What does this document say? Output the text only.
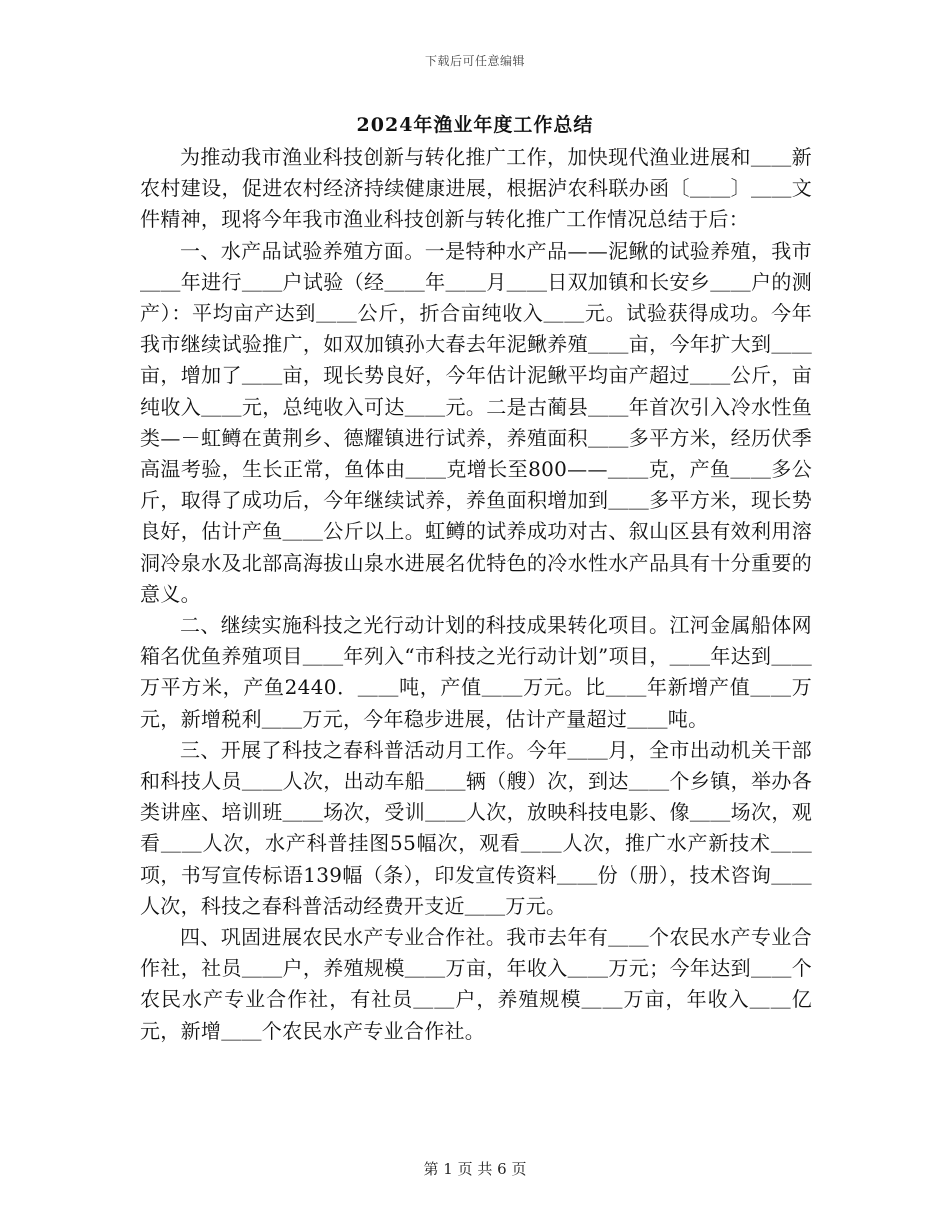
下载后可任意编辑
2024年渔业年度工作总结

为推动我市渔业科技创新与转化推广工作，加快现代渔业进展和＿＿新农村建设，促进农村经济持续健康进展，根据泸农科联办函〔＿＿〕＿＿文件精神，现将今年我市渔业科技创新与转化推广工作情况总结于后：

一、水产品试验养殖方面。一是特种水产品——泥鳅的试验养殖，我市＿＿年进行＿＿户试验（经＿＿年＿＿月＿＿日双加镇和长安乡＿＿户的测产）：平均亩产达到＿＿公斤，折合亩纯收入＿＿元。试验获得成功。今年我市继续试验推广，如双加镇孙大春去年泥鳅养殖＿＿亩，今年扩大到＿＿亩，增加了＿＿亩，现长势良好，今年估计泥鳅平均亩产超过＿＿公斤，亩纯收入＿＿元，总纯收入可达＿＿元。二是古蔺县＿＿年首次引入冷水性鱼类—－虹鳟在黄荆乡、德耀镇进行试养，养殖面积＿＿多平方米，经历伏季高温考验，生长正常，鱼体由＿＿克增长至800——＿＿克，产鱼＿＿多公斤，取得了成功后，今年继续试养，养鱼面积增加到＿＿多平方米，现长势良好，估计产鱼＿＿公斤以上。虹鳟的试养成功对古、叙山区县有效利用溶洞冷泉水及北部高海拔山泉水进展名优特色的冷水性水产品具有十分重要的意义。

二、继续实施科技之光行动计划的科技成果转化项目。江河金属船体网箱名优鱼养殖项目＿＿年列入“市科技之光行动计划”项目，＿＿年达到＿＿万平方米，产鱼2440．＿＿吨，产值＿＿万元。比＿＿年新增产值＿＿万元，新增税利＿＿万元，今年稳步进展，估计产量超过＿＿吨。

三、开展了科技之春科普活动月工作。今年＿＿月，全市出动机关干部和科技人员＿＿人次，出动车船＿＿辆（艘）次，到达＿＿个乡镇，举办各类讲座、培训班＿＿场次，受训＿＿人次，放映科技电影、像＿＿场次，观看＿＿人次，水产科普挂图55幅次，观看＿＿人次，推广水产新技术＿＿项，书写宣传标语139幅（条），印发宣传资料＿＿份（册），技术咨询＿＿人次，科技之春科普活动经费开支近＿＿万元。

四、巩固进展农民水产专业合作社。我市去年有＿＿个农民水产专业合作社，社员＿＿户，养殖规模＿＿万亩，年收入＿＿万元；今年达到＿＿个农民水产专业合作社，有社员＿＿户，养殖规模＿＿万亩，年收入＿＿亿元，新增＿＿个农民水产专业合作社。

第 1 页 共 6 页
